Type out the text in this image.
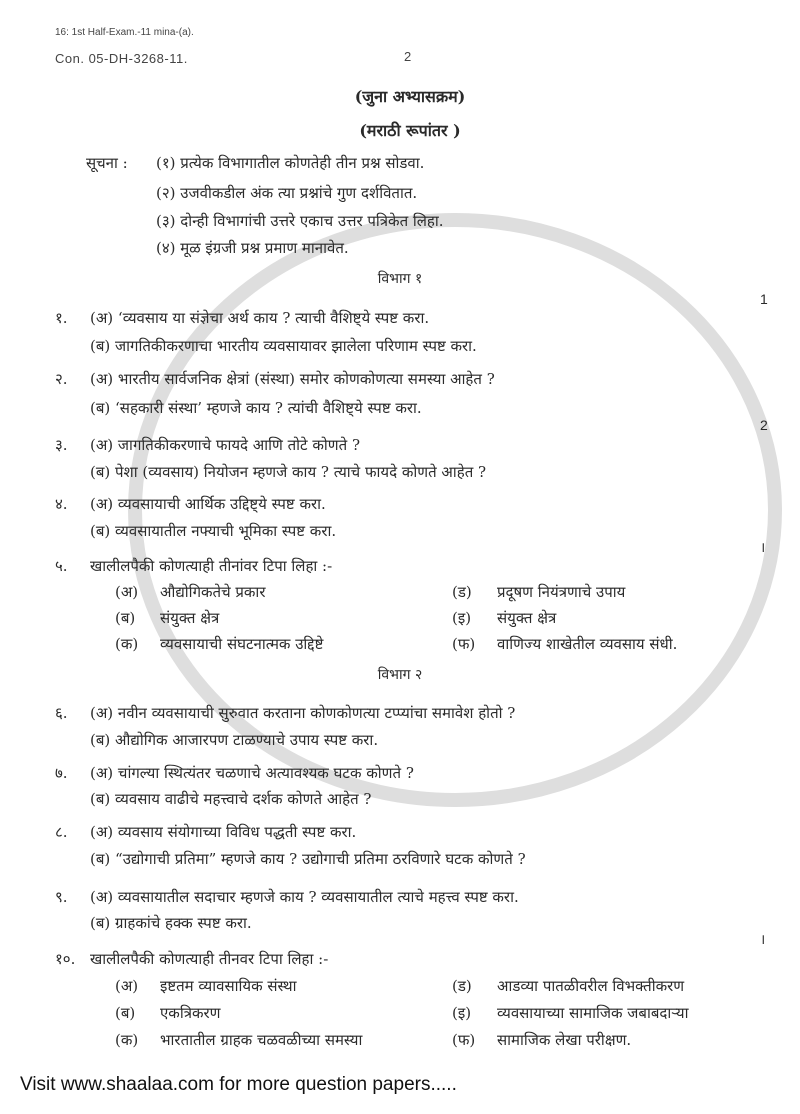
16: 1st Half-Exam.-11 mina-(a).
Con. 05-DH-3268-11.	2
(जुना अभ्यासक्रम)
(मराठी रूपांतर )
सूचना :	(१) प्रत्येक विभागातील कोणतेही तीन प्रश्न सोडवा.
(२) उजवीकडील अंक त्या प्रश्नांचे गुण दर्शवितात.
(३) दोन्ही विभागांची उत्तरे एकाच उत्तर पत्रिकेत लिहा.
(४) मूळ इंग्रजी प्रश्न प्रमाण मानावेत.
विभाग १
1
2
।
।
१.	(अ) ‘व्यवसाय या संज्ञेचा अर्थ काय ? त्याची वैशिष्ट्ये स्पष्ट करा.
(ब) जागतिकीकरणाचा भारतीय व्यवसायावर झालेला परिणाम स्पष्ट करा.
२.	(अ) भारतीय सार्वजनिक क्षेत्रां (संस्था) समोर कोणकोणत्या समस्या आहेत ?
(ब) ‘सहकारी संस्था’ म्हणजे काय ? त्यांची वैशिष्ट्ये स्पष्ट करा.
३.	(अ) जागतिकीकरणाचे फायदे आणि तोटे कोणते ?
(ब) पेशा (व्यवसाय) नियोजन म्हणजे काय ? त्याचे फायदे कोणते आहेत ?
४.	(अ) व्यवसायाची आर्थिक उद्दिष्ट्ये स्पष्ट करा.
(ब) व्यवसायातील नफ्याची भूमिका स्पष्ट करा.
५.	खालीलपैकी कोणत्याही तीनांवर टिपा लिहा :-
(अ)	औद्योगिकतेचे प्रकार	(ड)	प्रदूषण नियंत्रणाचे उपाय
(ब)	संयुक्त क्षेत्र	(इ)	संयुक्त क्षेत्र
(क)	व्यवसायाची संघटनात्मक उद्दिष्टे	(फ)	वाणिज्य शाखेतील व्यवसाय संधी.
विभाग २
६.	(अ) नवीन व्यवसायाची सुरुवात करताना कोणकोणत्या टप्प्यांचा समावेश होतो ?
(ब) औद्योगिक आजारपण टाळण्याचे उपाय स्पष्ट करा.
७.	(अ) चांगल्या स्थित्यंतर चळणाचे अत्यावश्यक घटक कोणते ?
(ब) व्यवसाय वाढीचे महत्त्वाचे दर्शक कोणते आहेत ?
८.	(अ) व्यवसाय संयोगाच्या विविध पद्धती स्पष्ट करा.
(ब) “उद्योगाची प्रतिमा” म्हणजे काय ? उद्योगाची प्रतिमा ठरविणारे घटक कोणते ?
९.	(अ) व्यवसायातील सदाचार म्हणजे काय ? व्यवसायातील त्याचे महत्त्व स्पष्ट करा.
(ब) ग्राहकांचे हक्क स्पष्ट करा.
१०. खालीलपैकी कोणत्याही तीनवर टिपा लिहा :-
(अ)	इष्टतम व्यावसायिक संस्था	(ड)	आडव्या पातळीवरील विभक्तीकरण
(ब)	एकत्रिकरण	(इ)	व्यवसायाच्या सामाजिक जबाबदाऱ्या
(क)	भारतातील ग्राहक चळवळीच्या समस्या	(फ)	सामाजिक लेखा परीक्षण.
Visit www.shaalaa.com for more question papers.....
